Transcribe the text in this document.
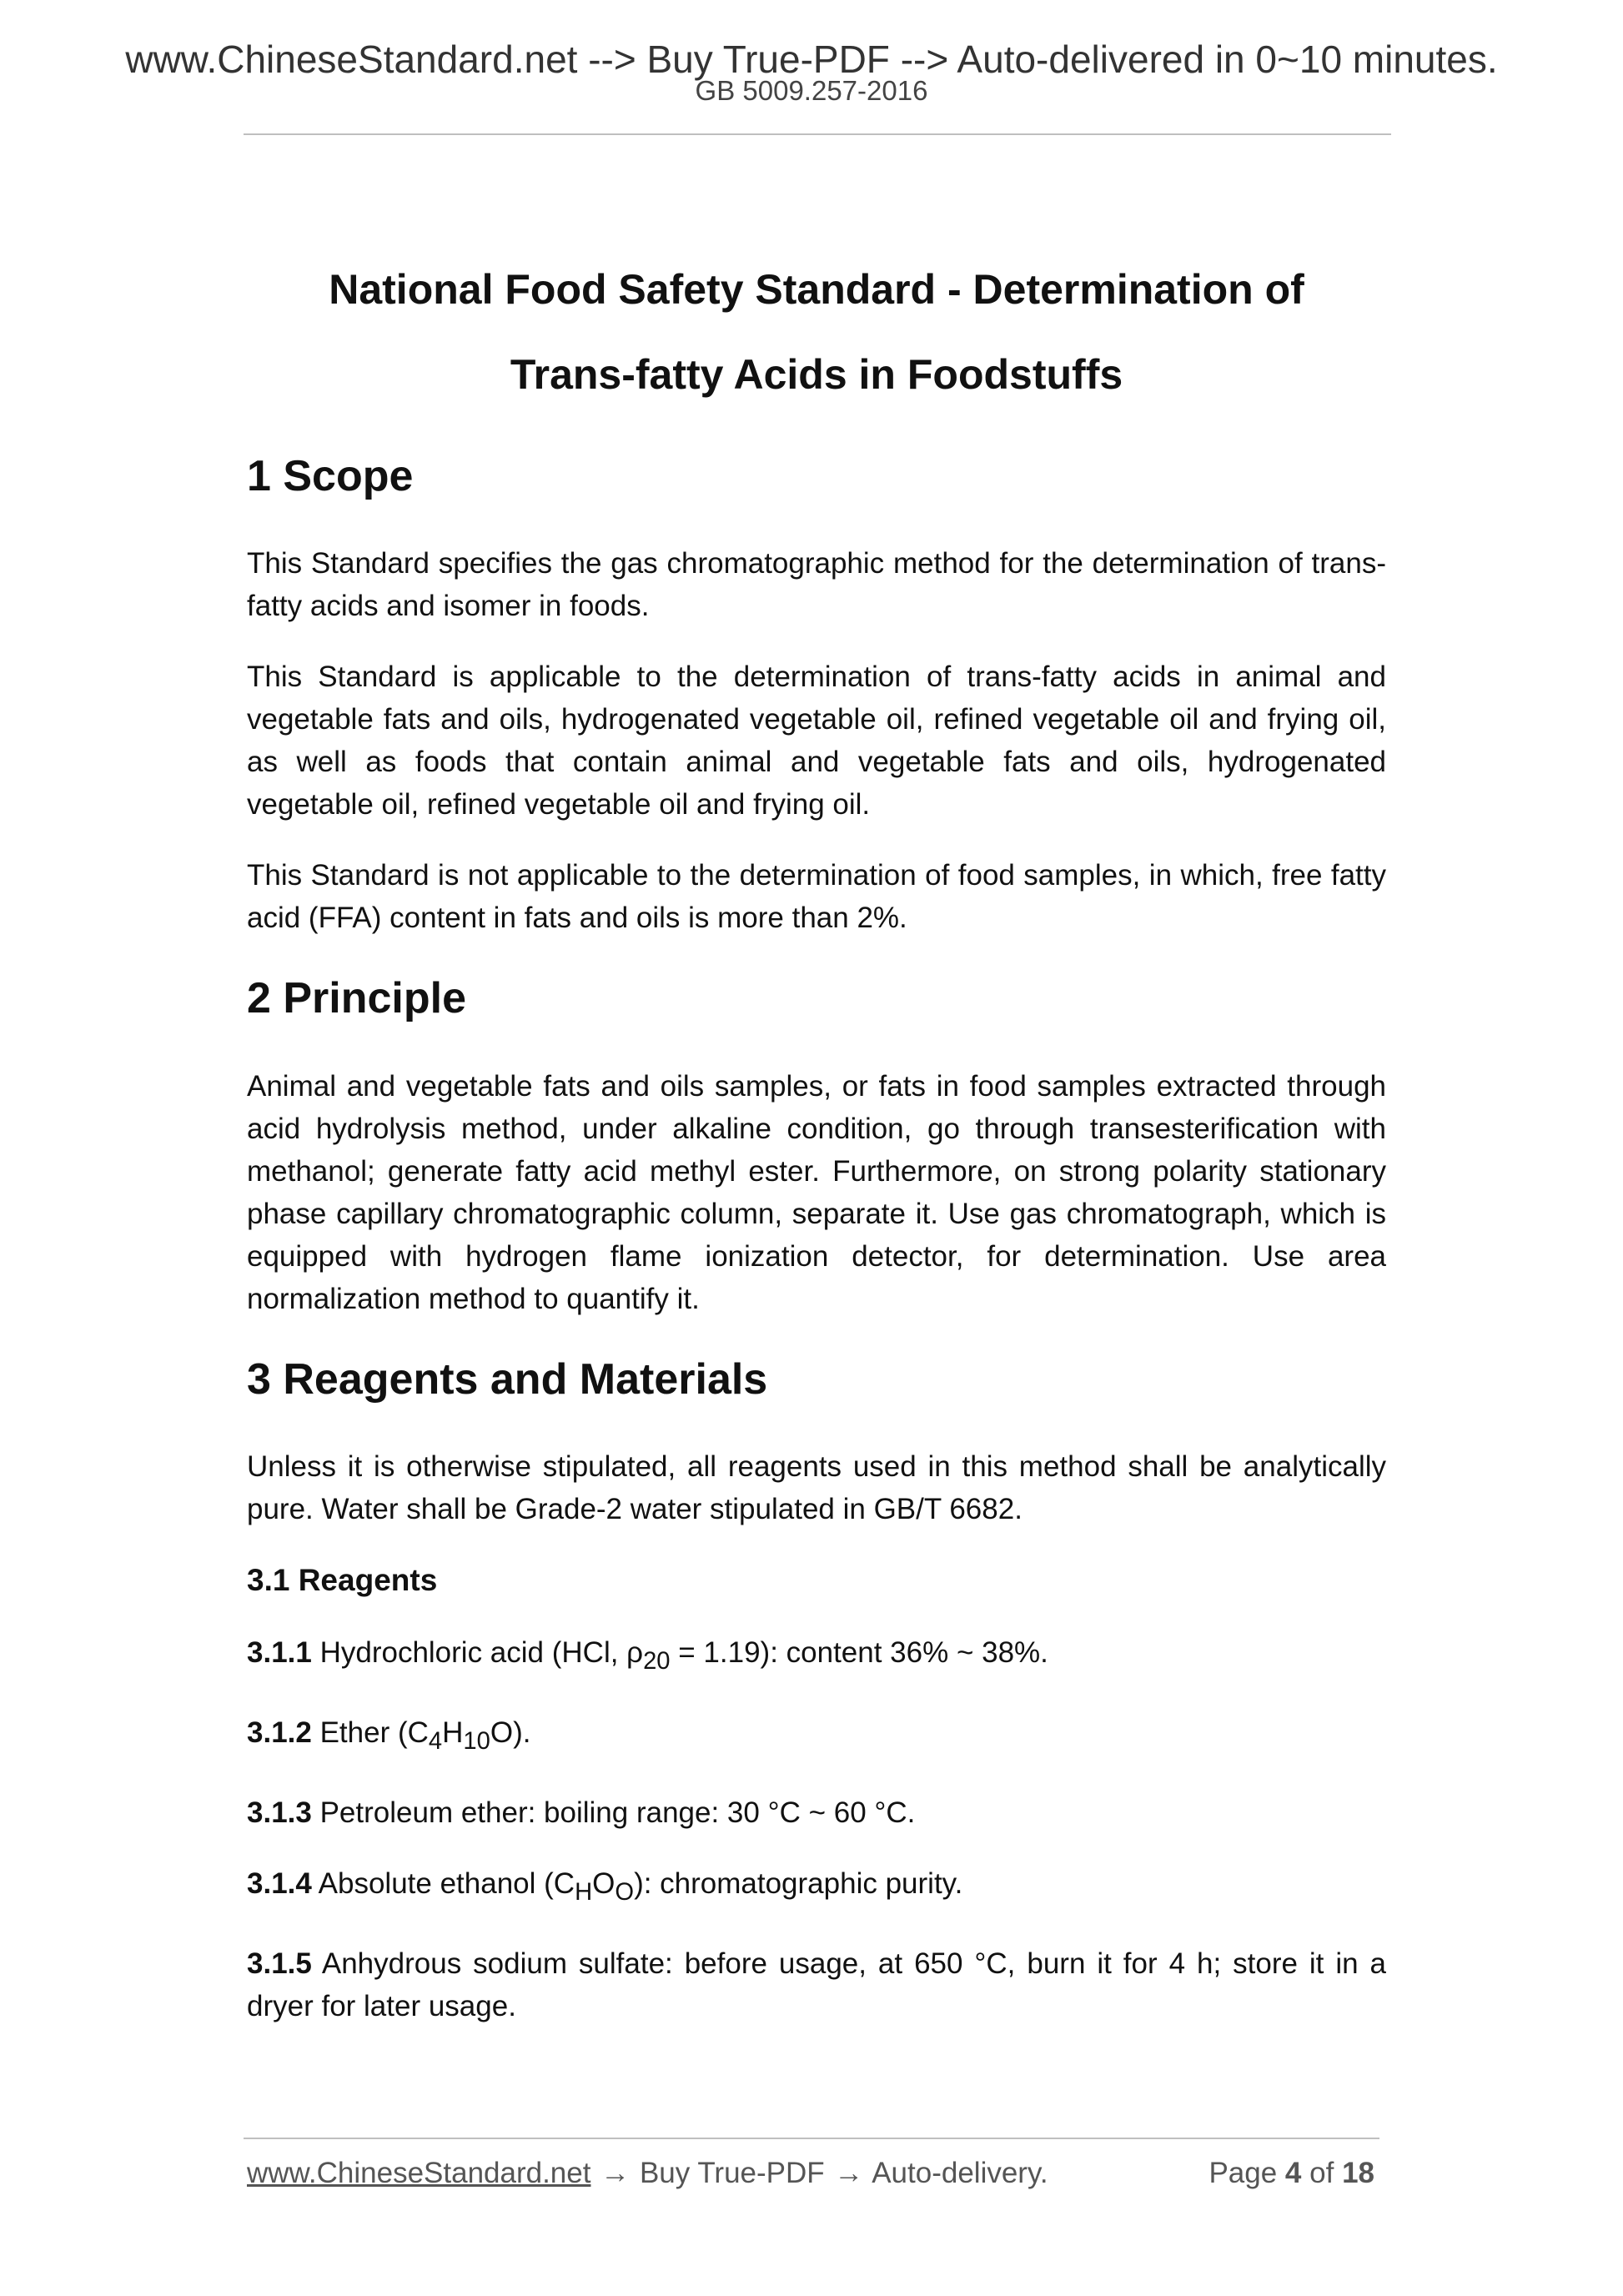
www.ChineseStandard.net --> Buy True-PDF --> Auto-delivered in 0~10 minutes.
GB 5009.257-2016
National Food Safety Standard - Determination of
Trans-fatty Acids in Foodstuffs
1 Scope

This Standard specifies the gas chromatographic method for the determination of trans-fatty acids and isomer in foods.

This Standard is applicable to the determination of trans-fatty acids in animal and vegetable fats and oils, hydrogenated vegetable oil, refined vegetable oil and frying oil, as well as foods that contain animal and vegetable fats and oils, hydrogenated vegetable oil, refined vegetable oil and frying oil.

This Standard is not applicable to the determination of food samples, in which, free fatty acid (FFA) content in fats and oils is more than 2%.

2 Principle

Animal and vegetable fats and oils samples, or fats in food samples extracted through acid hydrolysis method, under alkaline condition, go through transesterification with methanol; generate fatty acid methyl ester. Furthermore, on strong polarity stationary phase capillary chromatographic column, separate it. Use gas chromatograph, which is equipped with hydrogen flame ionization detector, for determination. Use area normalization method to quantify it.

3 Reagents and Materials

Unless it is otherwise stipulated, all reagents used in this method shall be analytically pure. Water shall be Grade-2 water stipulated in GB/T 6682.

3.1 Reagents

3.1.1 Hydrochloric acid (HCl, $\rho_{20} = 1.19$): content 36% ~ 38%.

3.1.2 Ether $(C_4H_{10}O)$.

3.1.3 Petroleum ether: boiling range: 30 °C ~ 60 °C.

3.1.4 Absolute ethanol $(C_HO_O)$: chromatographic purity.

3.1.5 Anhydrous sodium sulfate: before usage, at 650 °C, burn it for 4 h; store it in a dryer for later usage.

www.ChineseStandard.net → Buy True-PDF → Auto-delivery.	Page 4 of 18
